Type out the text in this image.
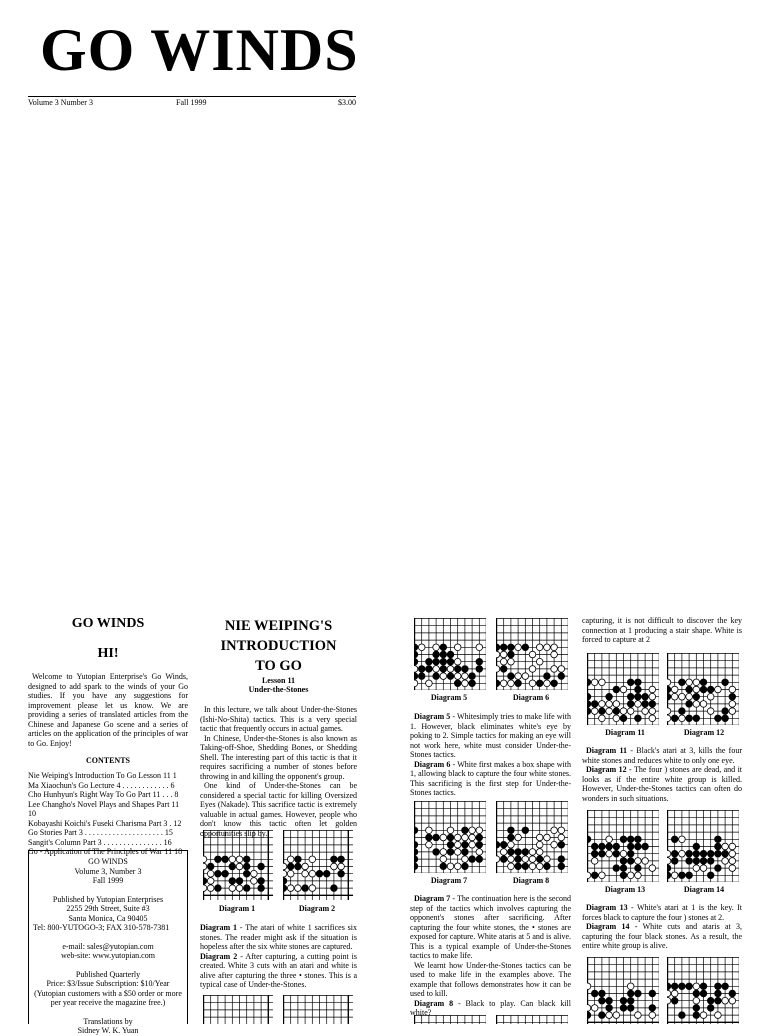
GO WINDS
Volume 3 Number 3	Fall 1999	$3.00
GO WINDS
HI!
Welcome to Yutopian Enterprise's Go Winds, designed to add spark to the winds of your Go studies. If you have any suggestions for improvement please let us know. We are providing a series of translated articles from the Chinese and Japanese Go scene and a series of articles on the application of the principles of war to Go. Enjoy!
CONTENTS
Nie Weiping's Introduction To Go Lesson 11 1
Ma Xiaochun's Go Lecture 4 . . . . . . . . . . . . 6
Cho Hunhyun's Right Way To Go Part 11 . . . 8
Lee Changho's Novel Plays and Shapes Part 11
10
Kobayashi Koichi's Fuseki Charisma Part 3 . 12
Go Stories Part 3 . . . . . . . . . . . . . . . . . . . . 15
Sangit's Column Part 3 . . . . . . . . . . . . . . . 16
Go - Application of The Principles of War 11 18
GO WINDS
Volume 3, Number 3
Fall 1999
Published by Yutopian Enterprises
2255 29th Street, Suite #3
Santa Monica, Ca 90405
Tel: 800-YUTOGO-3; FAX 310-578-7381
e-mail: sales@yutopian.com
web-site: www.yutopian.com
Published Quarterly
Price: $3/Issue Subscription: $10/Year (Yutopian customers with a $50 order or more per year receive the magazine free.)
Translations by
Sidney W. K. Yuan
NIE WEIPING'S
INTRODUCTION
TO GO
Lesson 11
Under-the-Stones
In this lecture, we talk about Under-the-Stones (Ishi-No-Shita) tactics. This is a very special tactic that frequently occurs in actual games.
In Chinese, Under-the-Stones is also known as Taking-off-Shoe, Shedding Bones, or Shedding Shell. The interesting part of this tactic is that it requires sacrificing a number of stones before throwing in and killing the opponent's group.
One kind of Under-the-Stones can be considered a special tactic for killing Oversized Eyes (Nakade). This sacrifice tactic is extremely valuable in actual games. However, people who don't know this tactic often let golden opportunities slip by.
Diagram 1	Diagram 2
Diagram 1 - The atari of white 1 sacrifices six stones. The reader might ask if the situation is hopeless after the six white stones are captured.
Diagram 2 - After capturing, a cutting point is created. White 3 cuts with an atari and white is alive after capturing the three • stones. This is a typical case of Under-the-Stones.
Diagram 5	Diagram 6
Diagram 5 - Whitesimply tries to make life with 1. However, black eliminates white's eye by poking to 2. Simple tactics for making an eye will not work here, white must consider Under-the-Stones tactics.
Diagram 6 - White first makes a box shape with 1, allowing black to capture the four white stones. This sacrificing is the first step for Under-the-Stones tactics.
Diagram 7	Diagram 8
Diagram 7 - The continuation here is the second step of the tactics which involves capturing the opponent's stones after sacrificing. After capturing the four white stones, the • stones are exposed for capture. White ataris at 5 and is alive. This is a typical example of Under-the-Stones tactics to make life.
We learnt how Under-the-Stones tactics can be used to make life in the examples above. The example that follows demonstrates how it can be used to kill.
Diagram 8 - Black to play. Can black kill white?
capturing, it is not difficult to discover the key connection at 1 producing a stair shape. White is forced to capture at 2
Diagram 11	Diagram 12
Diagram 11 - Black's atari at 3, kills the four white stones and reduces white to only one eye.
Diagram 12 - The four ) stones are dead, and it looks as if the entire white group is killed. However, Under-the-Stones tactics can often do wonders in such situations.
Diagram 13	Diagram 14
Diagram 13 - White's atari at 1 is the key. It forces black to capture the four ) stones at 2.
Diagram 14 - White cuts and ataris at 3, capturing the four black stones. As a result, the entire white group is alive.
